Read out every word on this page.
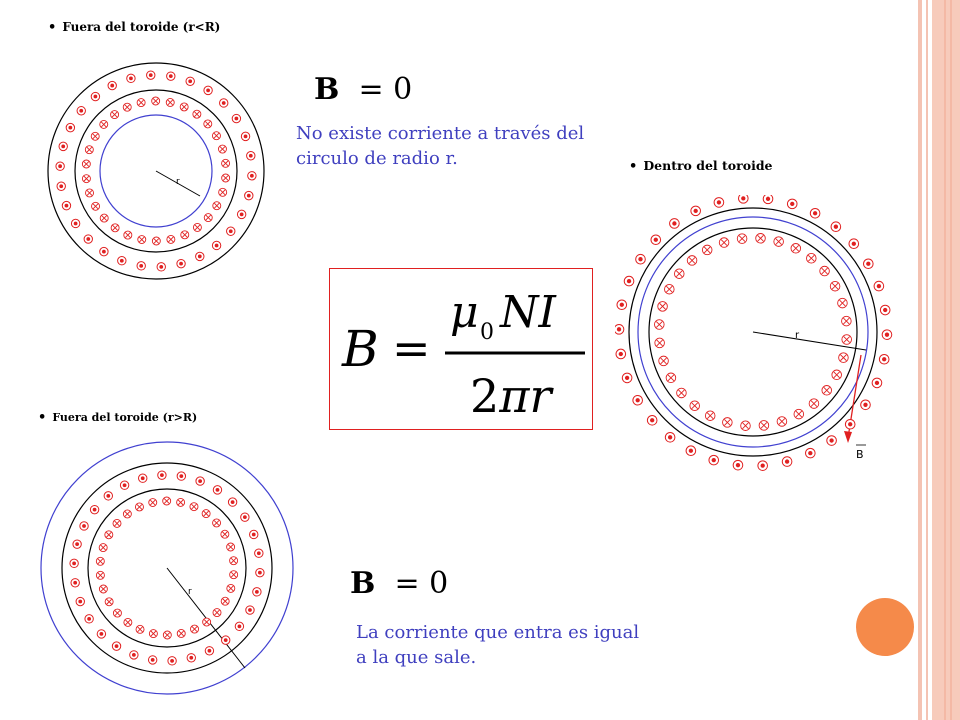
• Fuera del toroide (r<R)
• Dentro del toroide
• Fuera del toroide (r>R)
B = 0
No existe corriente a través del
circulo de radio r.
B =
μ 0 NI
2πr
B = 0
La corriente que entra es igual
a la que sale.
r
r
B
r
